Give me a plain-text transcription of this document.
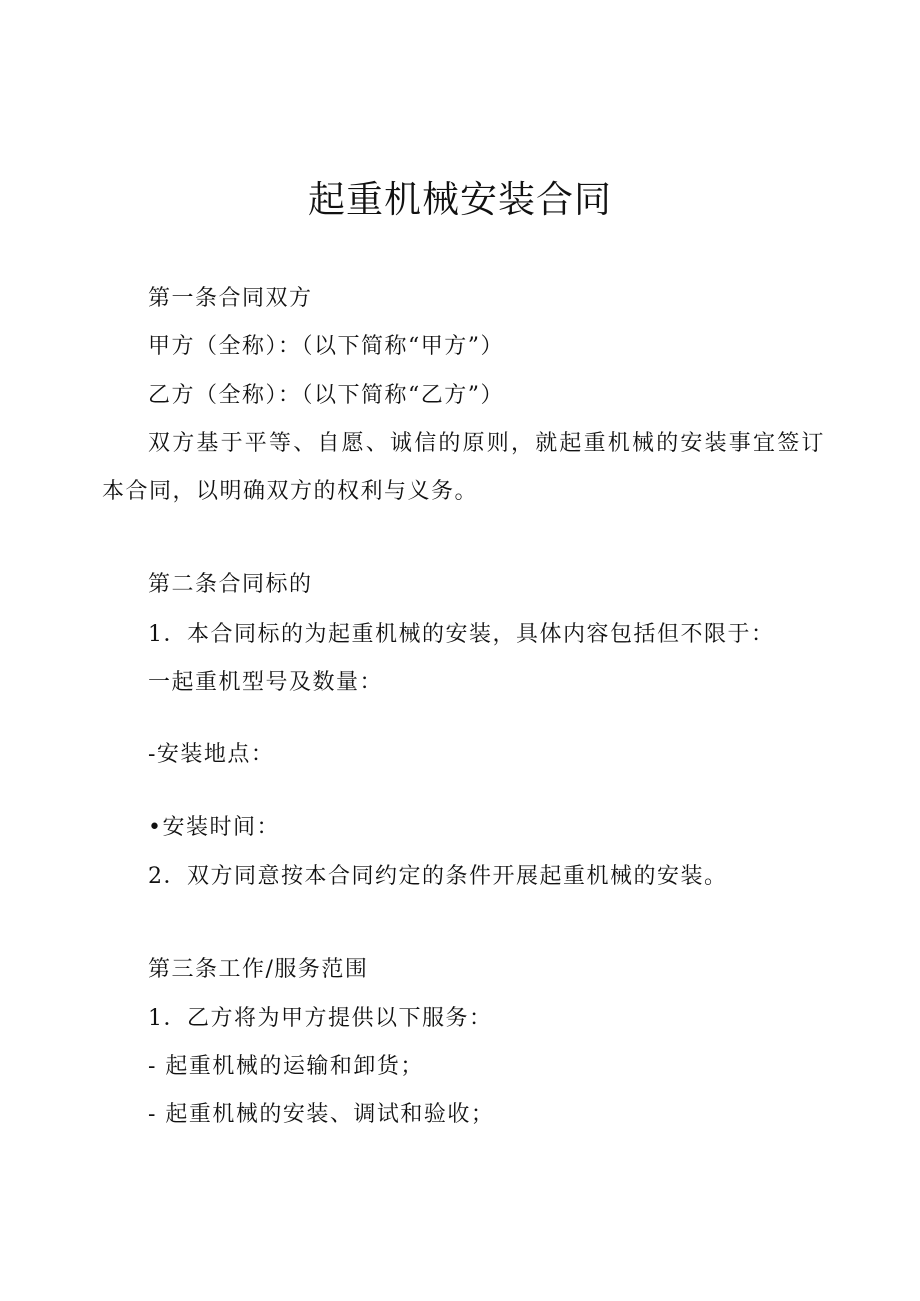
起重机械安装合同

第一条合同双方

甲方（全称）：（以下简称“甲方”）

乙方（全称）：（以下简称“乙方”）

双方基于平等、自愿、诚信的原则，就起重机械的安装事宜签订

本合同，以明确双方的权利与义务。

第二条合同标的

1．本合同标的为起重机械的安装，具体内容包括但不限于：

一起重机型号及数量：

-安装地点：

•安装时间：

2．双方同意按本合同约定的条件开展起重机械的安装。

第三条工作/服务范围

1．乙方将为甲方提供以下服务：

- 起重机械的运输和卸货；

- 起重机械的安装、调试和验收；
